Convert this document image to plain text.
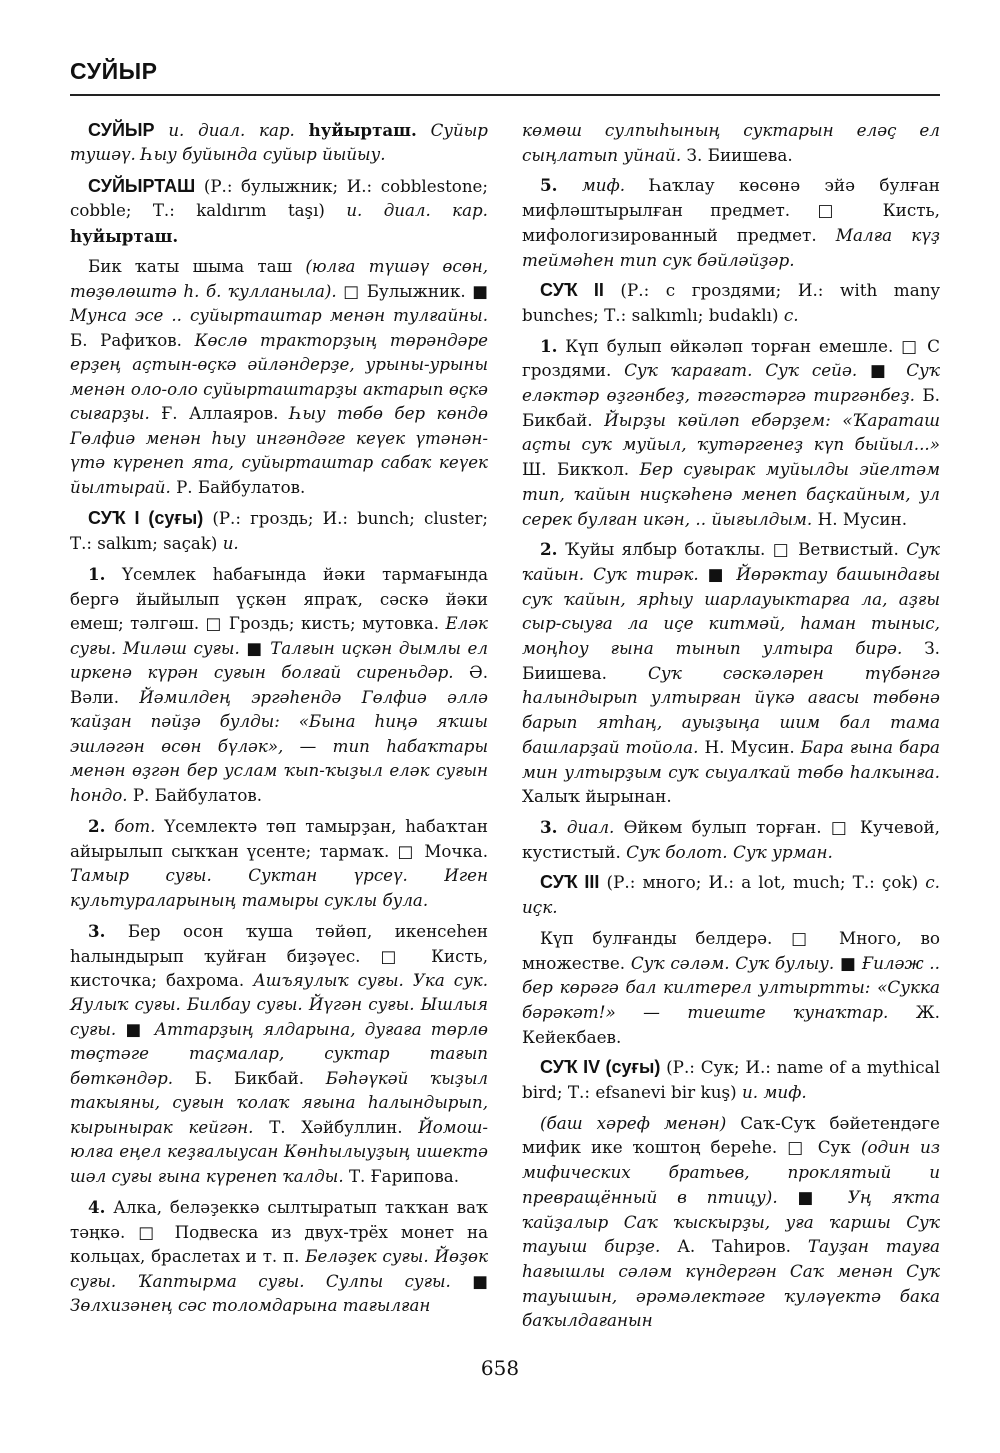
СУЙЫР

СУЙЫР и. диал. кар. һуйырташ. Суйыр тушәү. Һыу буйында суйыр йыйыу.

СУЙЫРТАШ (Р.: булыжник; И.: cobblestone; cobble; Т.: kaldırım taşı) и. диал. кар. һуйырташ.

Бик ҡаты шыма таш (юлға түшәү өсөн, төҙөлөштә һ. б. ҡулланыла). □ Булыжник. ■ Мунса эсе .. суйырташтар менән тулғайны. Б. Рафиҡов. Көслө тракторҙың төрәндәре ерҙең аҫтын-өҫкә әйләндерҙе, урыны-урыны менән оло-оло суйырташтарҙы актарып өҫкә сығарҙы. Ғ. Аллаяров. Һыу төбө бер көндө Гөлфиә менән һыу ингәндәге кеүек үтәнән-үтә күренеп ята, суйырташтар сабаҡ кеүек йылтырай. Р. Байбулатов.

СУҠ I (суғы) (Р.: гроздь; И.: bunch; cluster; Т.: salkım; saçak) и.

1. Үсемлек һабағында йәки тармағында бергә йыйылып үҫкән япраҡ, сәскә йәки емеш; тәлгәш. □ Гроздь; кисть; мутовка. Еләк суғы. Миләш суғы. ■ Талғын иҫкән дымлы ел иркенә күрән суғын болғай сиреньдәр. Ә. Вәли. Йәмилдең эргәһендә Гөлфиә әллә ҡайҙан пәйҙә булды: «Бына һиңә яҡшы эшләгән өсөн бүләк», — тип һабаҡтары менән өҙгән бер услам ҡып-ҡыҙыл еләк суғын һондо. Р. Байбулатов.

2. бот. Үсемлектә төп тамырҙан, һабаҡтан айырылып сыҡҡан үсенте; тармаҡ. □ Мочка. Тамыр суғы. Суктан үрсеү. Иген культураларының тамыры суклы була.

3. Бер осон ҡуша төйөп, икенсеһен һалындырып ҡуйған биҙәүес. □ Кисть, кисточка; бахрома. Ашъяулыҡ суғы. Ука сук. Яулыҡ суғы. Билбау суғы. Йүгән суғы. Ышлыя суғы. ■ Аттарҙың ялдарына, дуғаға төрлө төҫтәге таҫмалар, суктар тағып бөткәндәр. Б. Бикбай. Бәһәүкәй ҡыҙыл такыяны, суғын ҡолаҡ яғына һалындырып, кырынырак кейгән. Т. Хәйбуллин. Йомош-юлға еңел кеҙғалыусан Көнһылыуҙың ишектә шәл суғы ғына күренеп ҡалды. Т. Ғарипова.

4. Алка, беләҙеккә сылтыратып таҡҡан ваҡ тәңкә. □ Подвеска из двух-трёх монет на кольцах, браслетах и т. п. Беләҙек суғы. Йөҙөк суғы. Ҡаптырма суғы. Сулпы суғы. ■ Зөлхизәнең сәс толомдарына тағылған

көмөш сулпыһының суктарын еләҫ ел сыңлатып уйнай. З. Биишева.

5. миф. Һаҡлау көсөнә эйә булған мифләштырылған предмет. □ Кисть, мифологизированный предмет. Малға күҙ теймәһен тип сук бәйләйҙәр.

СУҠ II (Р.: с гроздями; И.: with many bunches; Т.: salkımlı; budaklı) с.

1. Күп булып өйкәләп торған емешле. □ С гроздями. Суҡ ҡарағат. Суҡ сейә. ■ Суҡ еләктәр өҙгәнбеҙ, тәгәстәргә тиргәнбеҙ. Б. Бикбай. Йырҙы көйләп ебәрҙем: «Ҡараташ аҫты суҡ муйыл, ҡутәргенеҙ күп быйыл...» Ш. Бикҡол. Бер суғырак муйылды эйелтәм тип, ҡайын ниҫкәһенә менеп баҫкайным, ул серек булған икән, .. йығылдым. Н. Мусин.

2. Ҡуйы ялбыр ботаҡлы. □ Ветвистый. Суҡ ҡайын. Суҡ тирәк. ■ Йөрәктау башындағы суҡ ҡайын, ярһыу шарлауыктарға ла, аҙғы сыр-сыуға ла иҫе китмәй, һаман тыныс, моңһоу ғына тынып ултыра бирә. З. Биишева. Суҡ сәскәләрен түбәнгә һалындырып ултырған йүкә ағасы төбөнә барып ятһаң, ауыҙыңа шим бал тама башларҙай тойола. Н. Мусин. Бара ғына бара мин ултырҙым суҡ сыуалҡай төбө һалкынға. Халыҡ йырынан.

3. диал. Өйкөм булып торған. □ Кучевой, кустистый. Суҡ болот. Суҡ урман.

СУҠ III (Р.: много; И.: a lot, much; Т.: çok) с. иҫк.

Күп булғанды белдерә. □ Много, во множестве. Суҡ сәләм. Суҡ булыу. ■ Ғиләж .. бер көрәгә бал килтерел ултыртты: «Сукка бәрәкәт!» — тиеште ҡунаҡтар. Ж. Кейекбаев.

СУҠ IV (суғы) (Р.: Сук; И.: name of a mythical bird; Т.: efsanevi bir kuş) и. миф.

(баш хәреф менән) Саҡ-Суҡ бәйетендәге мифик ике ҡоштоң береһе. □ Сук (один из мифических братьев, проклятый и превращённый в птицу). ■ Уң яҡта ҡайҙалыр Саҡ ҡыскырҙы, уға ҡаршы Суҡ тауыш бирҙе. А. Таһиров. Тауҙан тауға һағышлы сәләм күндергән Саҡ менән Суҡ тауышын, әрәмәлектәге ҡуләүектә бака баҡылдағанын

658
